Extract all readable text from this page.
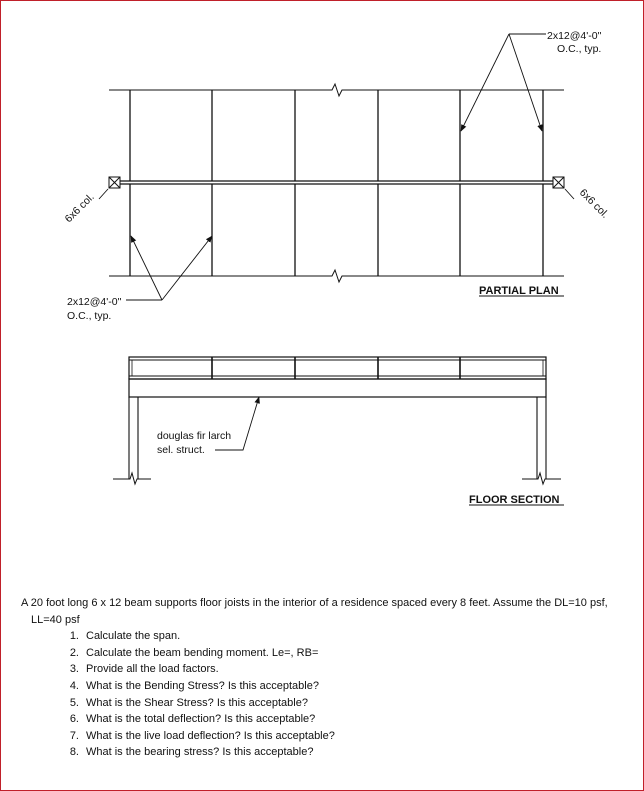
2x12@4'-0"
O.C., typ.
2x12@4'-0"
O.C., typ.
6x6 col.	6x6 col.
PARTIAL PLAN
douglas fir larch
sel. struct.
FLOOR SECTION

A 20 foot long 6 x 12 beam supports floor joists in the interior of a residence spaced every 8 feet. Assume the DL=10 psf, LL=40 psf

1. Calculate the span.
2. Calculate the beam bending moment. Le=, RB=
3. Provide all the load factors.
4. What is the Bending Stress? Is this acceptable?
5. What is the Shear Stress? Is this acceptable?
6. What is the total deflection? Is this acceptable?
7. What is the live load deflection? Is this acceptable?
8. What is the bearing stress? Is this acceptable?
